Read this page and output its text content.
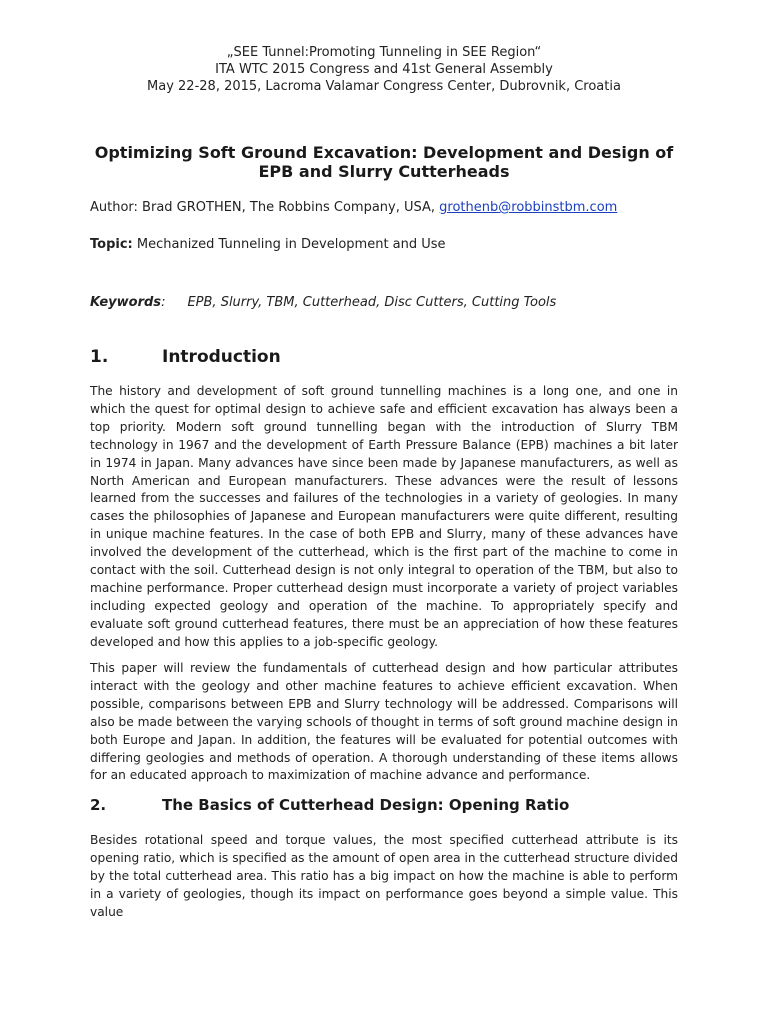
„SEE Tunnel:Promoting Tunneling in SEE Region“
ITA WTC 2015 Congress and 41st General Assembly
May 22-28, 2015, Lacroma Valamar Congress Center, Dubrovnik, Croatia
Optimizing Soft Ground Excavation: Development and Design of EPB and Slurry Cutterheads
Author: Brad GROTHEN, The Robbins Company, USA, grothenb@robbinstbm.com
Topic: Mechanized Tunneling in Development and Use
Keywords: EPB, Slurry, TBM, Cutterhead, Disc Cutters, Cutting Tools
1.	Introduction
The history and development of soft ground tunnelling machines is a long one, and one in which the quest for optimal design to achieve safe and efficient excavation has always been a top priority. Modern soft ground tunnelling began with the introduction of Slurry TBM technology in 1967 and the development of Earth Pressure Balance (EPB) machines a bit later in 1974 in Japan. Many advances have since been made by Japanese manufacturers, as well as North American and European manufacturers. These advances were the result of lessons learned from the successes and failures of the technologies in a variety of geologies. In many cases the philosophies of Japanese and European manufacturers were quite different, resulting in unique machine features. In the case of both EPB and Slurry, many of these advances have involved the development of the cutterhead, which is the first part of the machine to come in contact with the soil. Cutterhead design is not only integral to operation of the TBM, but also to machine performance. Proper cutterhead design must incorporate a variety of project variables including expected geology and operation of the machine. To appropriately specify and evaluate soft ground cutterhead features, there must be an appreciation of how these features developed and how this applies to a job-specific geology.
This paper will review the fundamentals of cutterhead design and how particular attributes interact with the geology and other machine features to achieve efficient excavation. When possible, comparisons between EPB and Slurry technology will be addressed. Comparisons will also be made between the varying schools of thought in terms of soft ground machine design in both Europe and Japan. In addition, the features will be evaluated for potential outcomes with differing geologies and methods of operation. A thorough understanding of these items allows for an educated approach to maximization of machine advance and performance.
2.	The Basics of Cutterhead Design: Opening Ratio
Besides rotational speed and torque values, the most specified cutterhead attribute is its opening ratio, which is specified as the amount of open area in the cutterhead structure divided by the total cutterhead area. This ratio has a big impact on how the machine is able to perform in a variety of geologies, though its impact on performance goes beyond a simple value. This value
